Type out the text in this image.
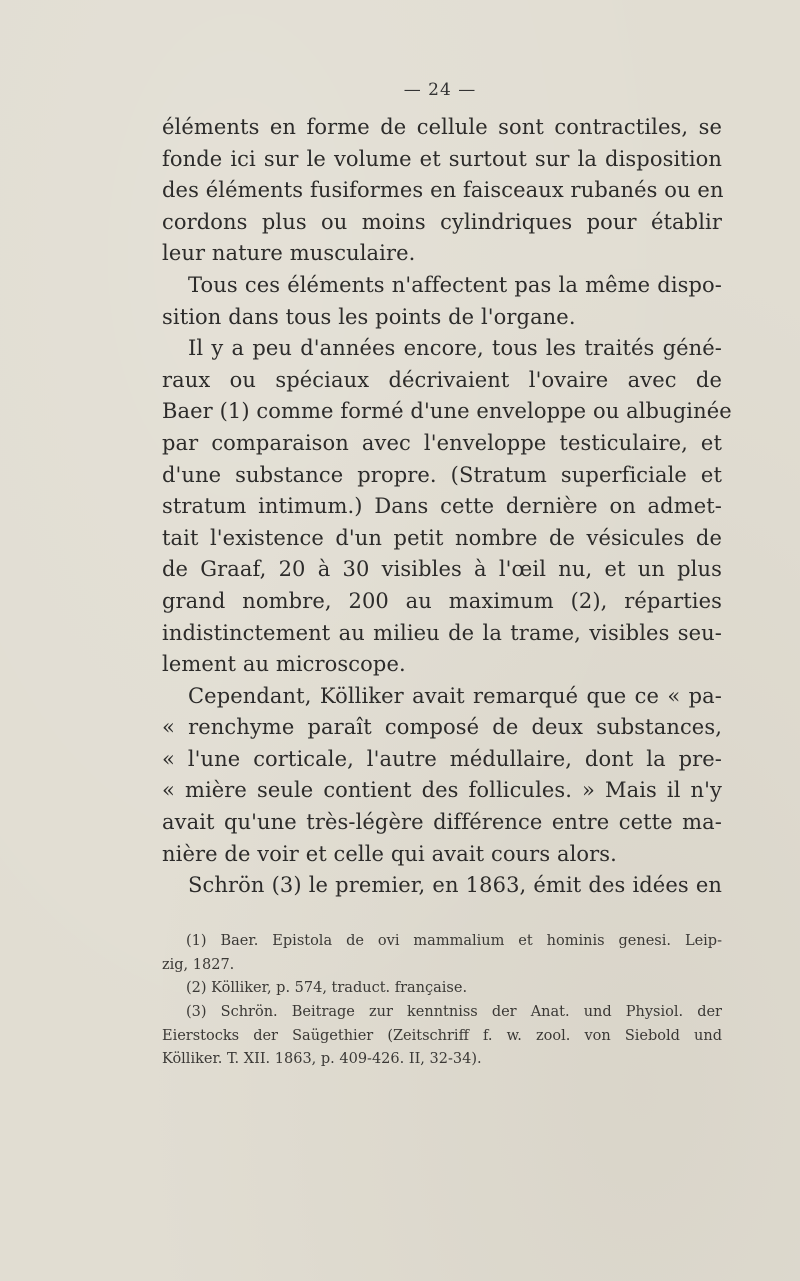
— 24 —
éléments en forme de cellule sont contractiles, se
fonde ici sur le volume et surtout sur la disposition
des éléments fusiformes en faisceaux rubanés ou en
cordons plus ou moins cylindriques pour établir
leur nature musculaire.
Tous ces éléments n'affectent pas la même dispo-
sition dans tous les points de l'organe.
Il y a peu d'années encore, tous les traités géné-
raux ou spéciaux décrivaient l'ovaire avec de
Baer (1) comme formé d'une enveloppe ou albuginée
par comparaison avec l'enveloppe testiculaire, et
d'une substance propre. (Stratum superficiale et
stratum intimum.) Dans cette dernière on admet-
tait l'existence d'un petit nombre de vésicules de
de Graaf, 20 à 30 visibles à l'œil nu, et un plus
grand nombre, 200 au maximum (2), réparties
indistinctement au milieu de la trame, visibles seu-
lement au microscope.
Cependant, Kölliker avait remarqué que ce « pa-
« renchyme paraît composé de deux substances,
« l'une corticale, l'autre médullaire, dont la pre-
« mière seule contient des follicules. » Mais il n'y
avait qu'une très-légère différence entre cette ma-
nière de voir et celle qui avait cours alors.
Schrön (3) le premier, en 1863, émit des idées en
(1) Baer. Epistola de ovi mammalium et hominis genesi. Leip-
zig, 1827.
(2) Kölliker, p. 574, traduct. française.
(3) Schrön. Beitrage zur kenntniss der Anat. und Physiol. der
Eierstocks der Saügethier (Zeitschriff f. w. zool. von Siebold und
Kölliker. T. XII. 1863, p. 409-426. II, 32-34).
